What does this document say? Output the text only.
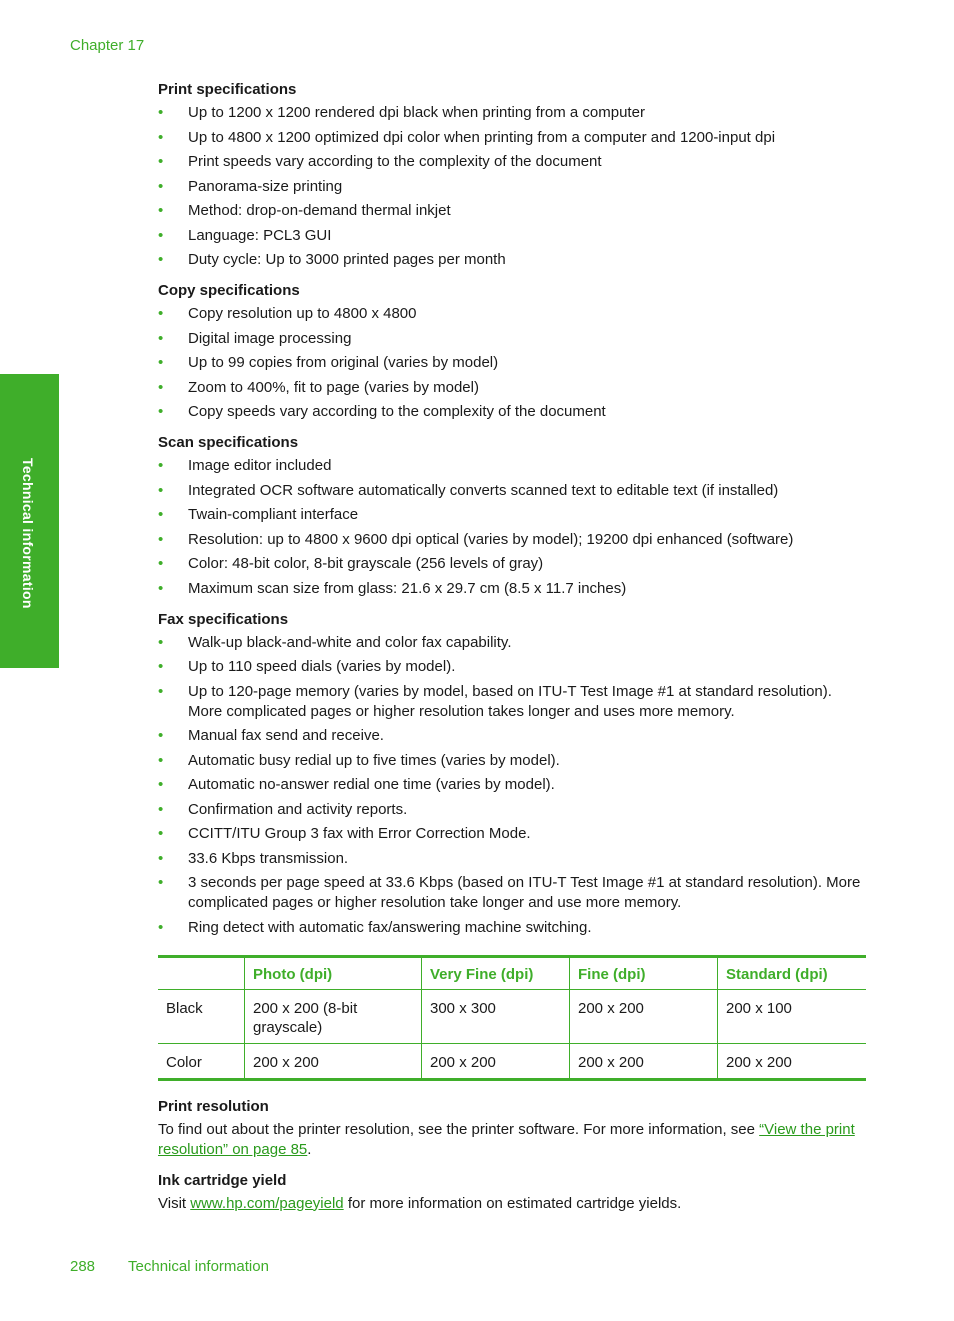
Chapter 17
Technical information
Print specifications
• Up to 1200 x 1200 rendered dpi black when printing from a computer
• Up to 4800 x 1200 optimized dpi color when printing from a computer and 1200-input dpi
• Print speeds vary according to the complexity of the document
• Panorama-size printing
• Method: drop-on-demand thermal inkjet
• Language: PCL3 GUI
• Duty cycle: Up to 3000 printed pages per month
Copy specifications
• Copy resolution up to 4800 x 4800
• Digital image processing
• Up to 99 copies from original (varies by model)
• Zoom to 400%, fit to page (varies by model)
• Copy speeds vary according to the complexity of the document
Scan specifications
• Image editor included
• Integrated OCR software automatically converts scanned text to editable text (if installed)
• Twain-compliant interface
• Resolution: up to 4800 x 9600 dpi optical (varies by model); 19200 dpi enhanced (software)
• Color: 48-bit color, 8-bit grayscale (256 levels of gray)
• Maximum scan size from glass: 21.6 x 29.7 cm (8.5 x 11.7 inches)
Fax specifications
• Walk-up black-and-white and color fax capability.
• Up to 110 speed dials (varies by model).
• Up to 120-page memory (varies by model, based on ITU-T Test Image #1 at standard resolution). More complicated pages or higher resolution takes longer and uses more memory.
• Manual fax send and receive.
• Automatic busy redial up to five times (varies by model).
• Automatic no-answer redial one time (varies by model).
• Confirmation and activity reports.
• CCITT/ITU Group 3 fax with Error Correction Mode.
• 33.6 Kbps transmission.
• 3 seconds per page speed at 33.6 Kbps (based on ITU-T Test Image #1 at standard resolution). More complicated pages or higher resolution take longer and use more memory.
• Ring detect with automatic fax/answering machine switching.
	Photo (dpi)	Very Fine (dpi)	Fine (dpi)	Standard (dpi)
Black	200 x 200 (8-bit grayscale)	300 x 300	200 x 200	200 x 100
Color	200 x 200	200 x 200	200 x 200	200 x 200
Print resolution

To find out about the printer resolution, see the printer software. For more information, see “View the print resolution” on page 85.

Ink cartridge yield

Visit www.hp.com/pageyield for more information on estimated cartridge yields.

288 Technical information
